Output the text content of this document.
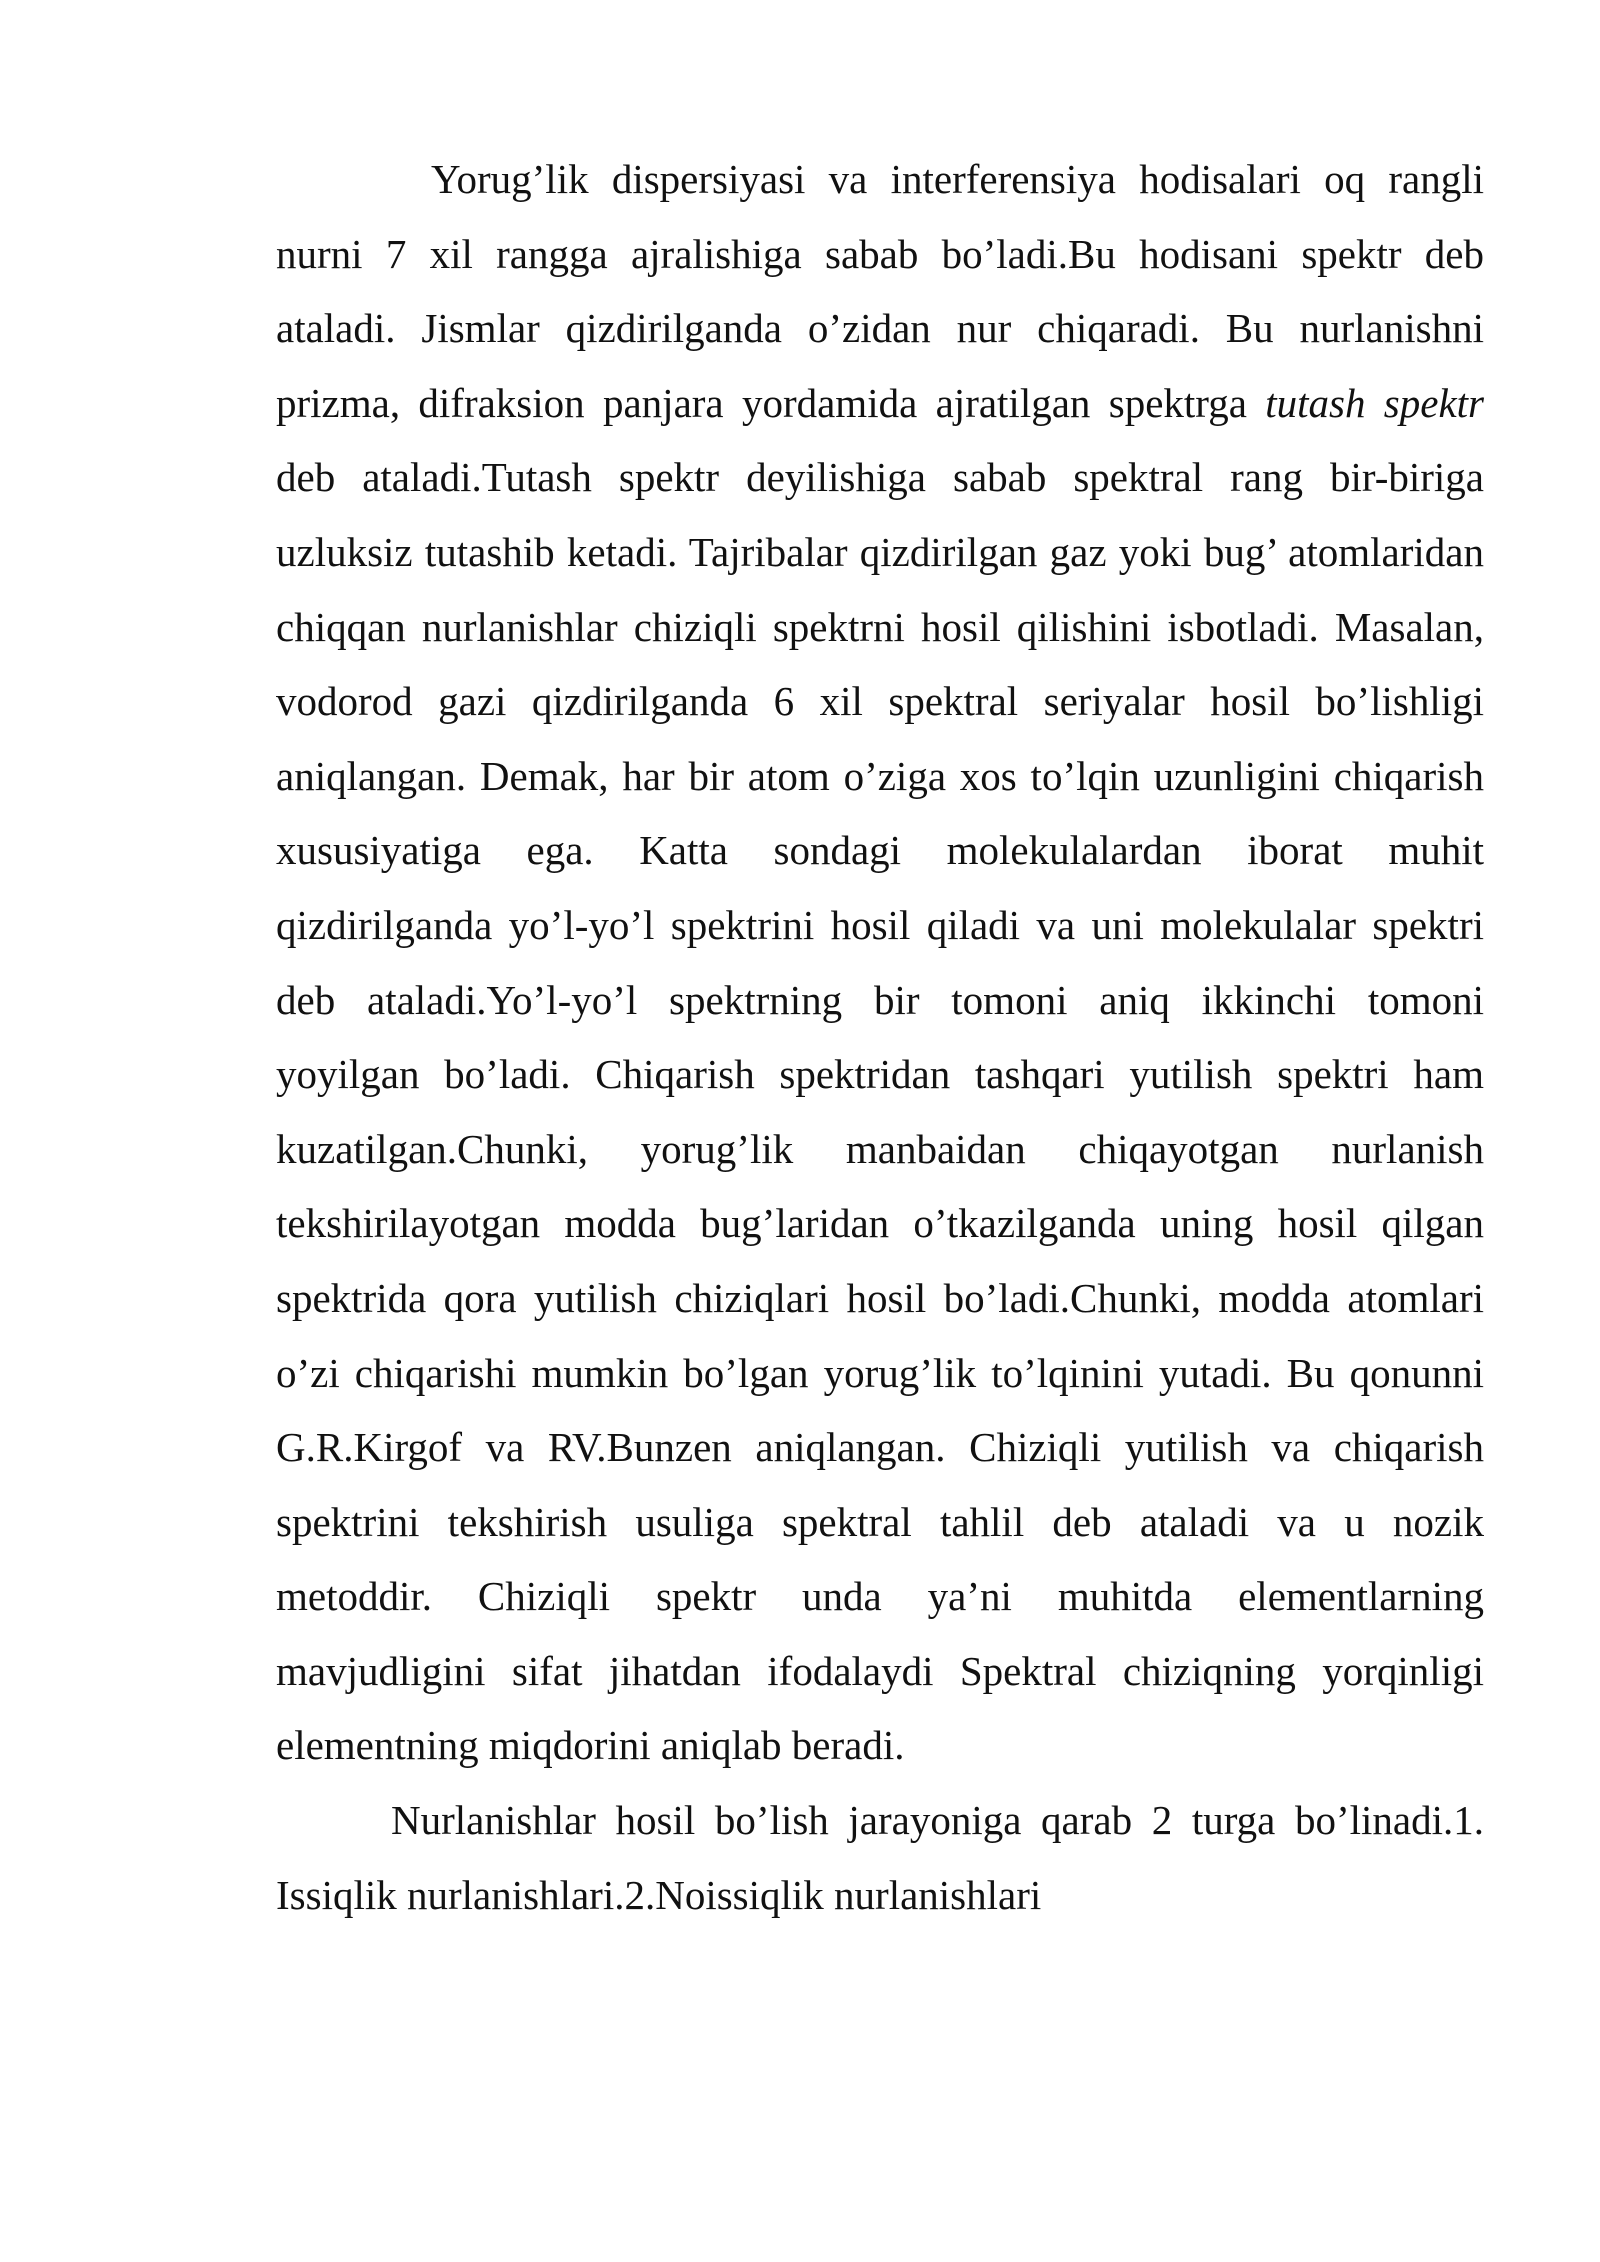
Yorug’lik dispersiyasi va interferensiya hodisalari oq rangli nurni 7 xil rangga ajralishiga sabab bo’ladi.Bu hodisani spektr deb ataladi. Jismlar qizdirilganda o’zidan nur chiqaradi. Bu nurlanishni prizma, difraksion panjara yordamida ajratilgan spektrga tutash spektr deb ataladi.Tutash spektr deyilishiga sabab spektral rang bir-biriga uzluksiz tutashib ketadi. Tajribalar qizdirilgan gaz yoki bug’ atomlaridan chiqqan nurlanishlar chiziqli spektrni hosil qilishini isbotladi. Masalan, vodorod gazi qizdirilganda 6 xil spektral seriyalar hosil bo’lishligi aniqlangan. Demak, har bir atom o’ziga xos to’lqin uzunligini chiqarish xususiyatiga ega. Katta sondagi molekulalardan iborat muhit qizdirilganda yo’l-yo’l spektrini hosil qiladi va uni molekulalar spektri deb ataladi.Yo’l-yo’l spektrning bir tomoni aniq ikkinchi tomoni yoyilgan bo’ladi. Chiqarish spektridan tashqari yutilish spektri ham kuzatilgan.Chunki, yorug’lik manbaidan chiqayotgan nurlanish tekshirilayotgan modda bug’laridan o’tkazilganda uning hosil qilgan spektrida qora yutilish chiziqlari hosil bo’ladi.Chunki, modda atomlari o’zi chiqarishi mumkin bo’lgan yorug’lik to’lqinini yutadi. Bu qonunni G.R.Kirgof va RV.Bunzen aniqlangan. Chiziqli yutilish va chiqarish spektrini tekshirish usuliga spektral tahlil deb ataladi va u nozik metoddir. Chiziqli spektr unda ya’ni muhitda elementlarning mavjudligini sifat jihatdan ifodalaydi Spektral chiziqning yorqinligi elementning miqdorini aniqlab beradi.

Nurlanishlar hosil bo’lish jarayoniga qarab 2 turga bo’linadi.1. Issiqlik nurlanishlari.2.Noissiqlik nurlanishlari
